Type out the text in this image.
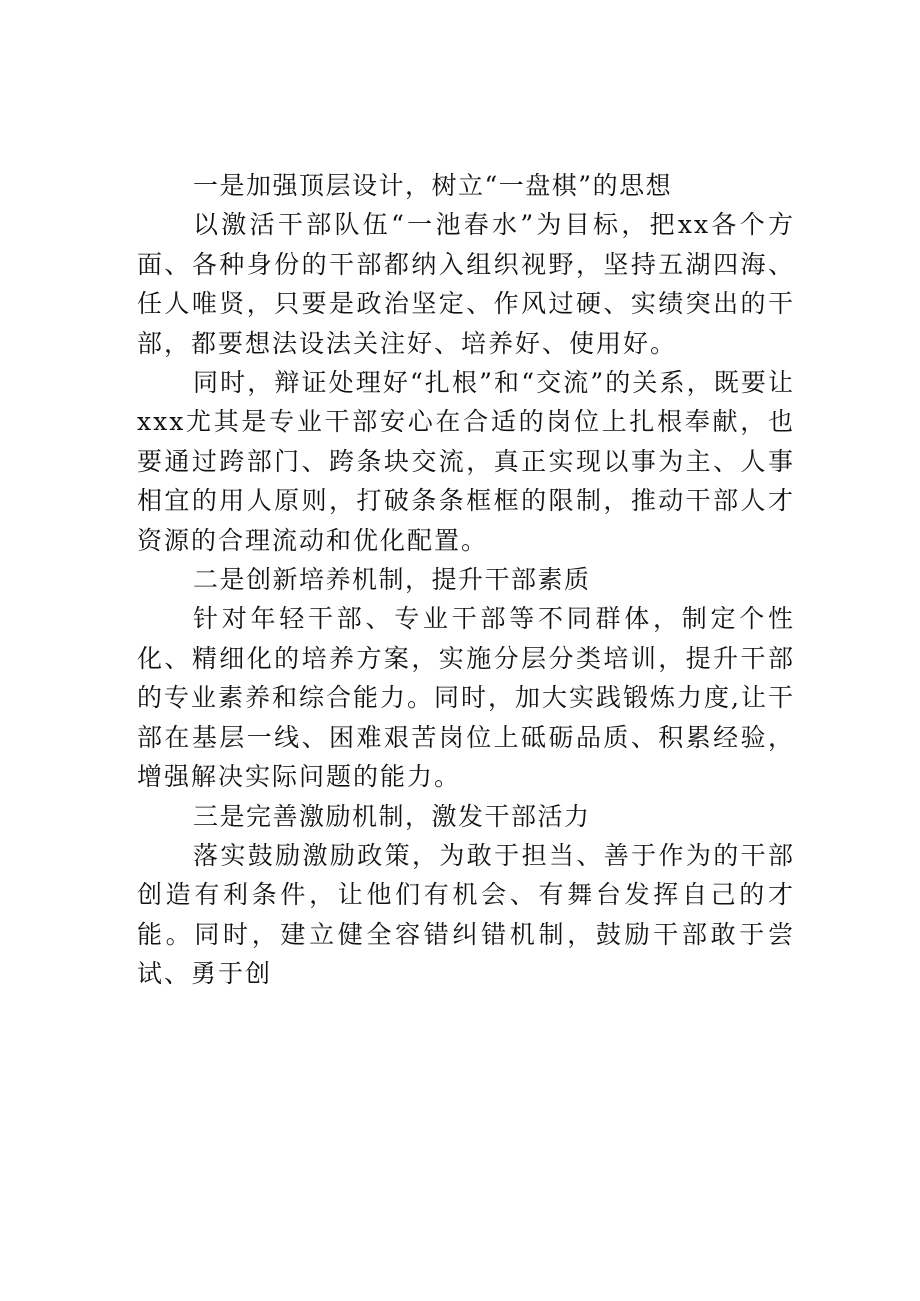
一是加强顶层设计，树立“一盘棋”的思想

以激活干部队伍“一池春水”为目标，把xx各个方面、各种身份的干部都纳入组织视野，坚持五湖四海、任人唯贤，只要是政治坚定、作风过硬、实绩突出的干部，都要想法设法关注好、培养好、使用好。

同时，辩证处理好“扎根”和“交流”的关系，既要让xxx尤其是专业干部安心在合适的岗位上扎根奉献，也要通过跨部门、跨条块交流，真正实现以事为主、人事相宜的用人原则，打破条条框框的限制，推动干部人才资源的合理流动和优化配置。

二是创新培养机制，提升干部素质

针对年轻干部、专业干部等不同群体，制定个性化、精细化的培养方案，实施分层分类培训，提升干部的专业素养和综合能力。同时，加大实践锻炼力度,让干部在基层一线、困难艰苦岗位上砥砺品质、积累经验，增强解决实际问题的能力。

三是完善激励机制，激发干部活力

落实鼓励激励政策，为敢于担当、善于作为的干部创造有利条件，让他们有机会、有舞台发挥自己的才能。同时，建立健全容错纠错机制，鼓励干部敢于尝试、勇于创
